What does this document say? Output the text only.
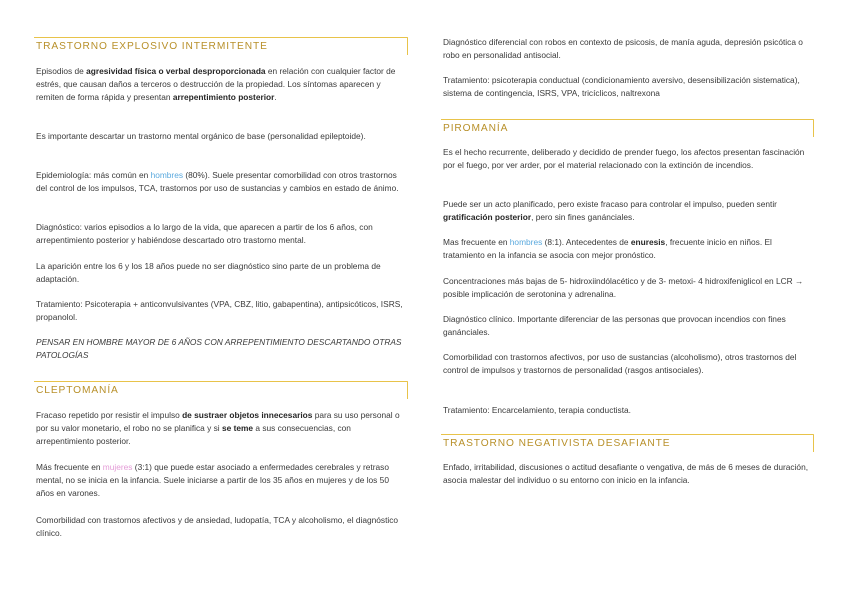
TRASTORNO EXPLOSIVO INTERMITENTE

Episodios de agresividad física o verbal desproporcionada en relación con cualquier factor de estrés, que causan daños a terceros o destrucción de la propiedad. Los síntomas aparecen y remiten de forma rápida y presentan arrepentimiento posterior.

Es importante descartar un trastorno mental orgánico de base (personalidad epileptoide).

Epidemiología: más común en hombres (80%). Suele presentar comorbilidad con otros trastornos del control de los impulsos, TCA, trastornos por uso de sustancias y cambios en estado de ánimo.

Diagnóstico: varios episodios a lo largo de la vida, que aparecen a partir de los 6 años, con arrepentimiento posterior y habiéndose descartado otro trastorno mental.

La aparición entre los 6 y los 18 años puede no ser diagnóstico sino parte de un problema de adaptación.

Tratamiento: Psicoterapia + anticonvulsivantes (VPA, CBZ, litio, gabapentina), antipsicóticos, ISRS, propanolol.

PENSAR EN HOMBRE MAYOR DE 6 AÑOS CON ARREPENTIMIENTO DESCARTANDO OTRAS PATOLOGÍAS

CLEPTOMANÍA

Fracaso repetido por resistir el impulso de sustraer objetos innecesarios para su uso personal o por su valor monetario, el robo no se planifica y si se teme a sus consecuencias, con arrepentimiento posterior.

Más frecuente en mujeres (3:1) que puede estar asociado a enfermedades cerebrales y retraso mental, no se inicia en la infancia. Suele iniciarse a partir de los 35 años en mujeres y de los 50 años en varones.

Comorbilidad con trastornos afectivos y de ansiedad, ludopatía, TCA y alcoholismo, el diagnóstico clínico.

Diagnóstico diferencial con robos en contexto de psicosis, de manía aguda, depresión psicótica o robo en personalidad antisocial.

Tratamiento: psicoterapia conductual (condicionamiento aversivo, desensibilización sistematica), sistema de contingencia, ISRS, VPA, tricíclicos, naltrexona

PIROMANÍA

Es el hecho recurrente, deliberado y decidido de prender fuego, los afectos presentan fascinación por el fuego, por ver arder, por el material relacionado con la extinción de incendios.

Puede ser un acto planificado, pero existe fracaso para controlar el impulso, pueden sentir gratificación posterior, pero sin fines ganánciales.

Mas frecuente en hombres (8:1). Antecedentes de enuresis, frecuente inicio en niños. El tratamiento en la infancia se asocia con mejor pronóstico.

Concentraciones más bajas de 5- hidroxiindólacético y de 3- metoxi- 4 hidroxifeniglicol en LCR → posible implicación de serotonina y adrenalina.

Diagnóstico clínico. Importante diferenciar de las personas que provocan incendios con fines ganánciales.

Comorbilidad con trastornos afectivos, por uso de sustancias (alcoholismo), otros trastornos del control de impulsos y trastornos de personalidad (rasgos antisociales).

Tratamiento: Encarcelamiento, terapia conductista.

TRASTORNO NEGATIVISTA DESAFIANTE

Enfado, irritabilidad, discusiones o actitud desafiante o vengativa, de más de 6 meses de duración, asocia malestar del individuo o su entorno con inicio en la infancia.
